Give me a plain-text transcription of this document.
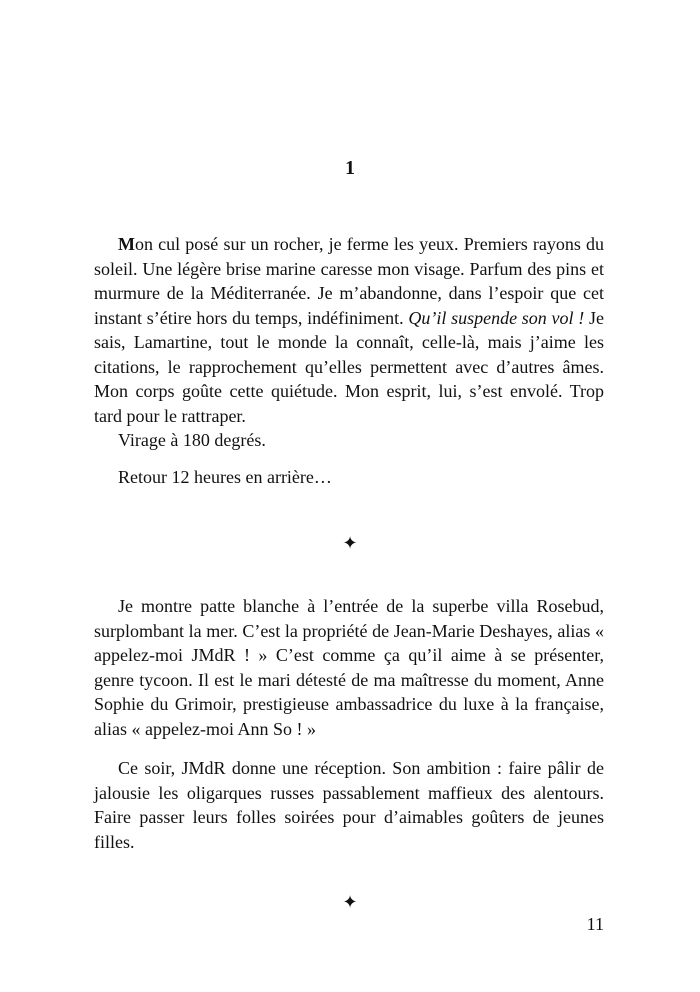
1

Mon cul posé sur un rocher, je ferme les yeux. Premiers rayons du soleil. Une légère brise marine caresse mon visage. Parfum des pins et murmure de la Méditerranée. Je m’abandonne, dans l’espoir que cet instant s’étire hors du temps, indéfiniment. Qu’il suspende son vol ! Je sais, Lamartine, tout le monde la connaît, celle-là, mais j’aime les citations, le rapprochement qu’elles permettent avec d’autres âmes. Mon corps goûte cette quiétude. Mon esprit, lui, s’est envolé. Trop tard pour le rattraper.

Virage à 180 degrés.

Retour 12 heures en arrière…

✦

Je montre patte blanche à l’entrée de la superbe villa Rosebud, surplombant la mer. C’est la propriété de Jean-Marie Deshayes, alias « appelez-moi JMdR ! » C’est comme ça qu’il aime à se présenter, genre tycoon. Il est le mari détesté de ma maîtresse du moment, Anne Sophie du Grimoir, prestigieuse ambassadrice du luxe à la française, alias « appelez-moi Ann So ! »

Ce soir, JMdR donne une réception. Son ambition : faire pâlir de jalousie les oligarques russes passablement maffieux des alentours. Faire passer leurs folles soirées pour d’aimables goûters de jeunes filles.

✦
11
